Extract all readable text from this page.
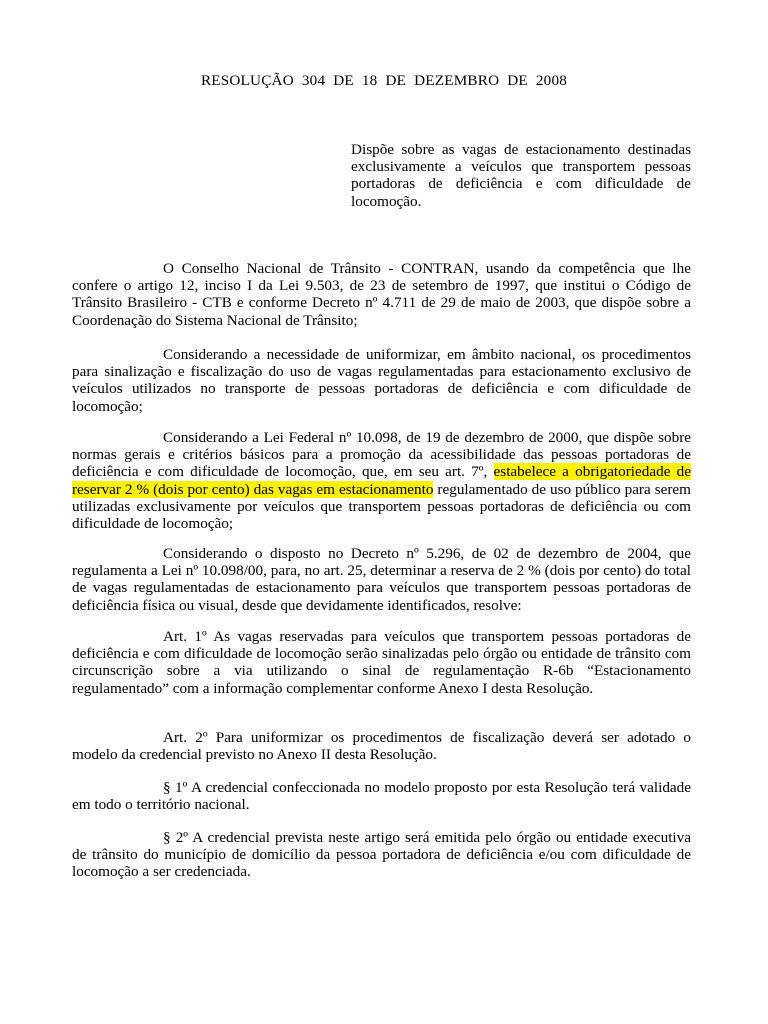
RESOLUÇÃO 304 DE 18 DE DEZEMBRO DE 2008
Dispõe sobre as vagas de estacionamento destinadas exclusivamente a veículos que transportem pessoas portadoras de deficiência e com dificuldade de locomoção.

O Conselho Nacional de Trânsito - CONTRAN, usando da competência que lhe confere o artigo 12, inciso I da Lei 9.503, de 23 de setembro de 1997, que institui o Código de Trânsito Brasileiro - CTB e conforme Decreto nº 4.711 de 29 de maio de 2003, que dispõe sobre a Coordenação do Sistema Nacional de Trânsito;

Considerando a necessidade de uniformizar, em âmbito nacional, os procedimentos para sinalização e fiscalização do uso de vagas regulamentadas para estacionamento exclusivo de veículos utilizados no transporte de pessoas portadoras de deficiência e com dificuldade de locomoção;

Considerando a Lei Federal nº 10.098, de 19 de dezembro de 2000, que dispõe sobre normas gerais e critérios básicos para a promoção da acessibilidade das pessoas portadoras de deficiência e com dificuldade de locomoção, que, em seu art. 7º, estabelece a obrigatoriedade de reservar 2 % (dois por cento) das vagas em estacionamento regulamentado de uso público para serem utilizadas exclusivamente por veículos que transportem pessoas portadoras de deficiência ou com dificuldade de locomoção;

Considerando o disposto no Decreto nº 5.296, de 02 de dezembro de 2004, que regulamenta a Lei nº 10.098/00, para, no art. 25, determinar a reserva de 2 % (dois por cento) do total de vagas regulamentadas de estacionamento para veículos que transportem pessoas portadoras de deficiência física ou visual, desde que devidamente identificados, resolve:

Art. 1º As vagas reservadas para veículos que transportem pessoas portadoras de deficiência e com dificuldade de locomoção serão sinalizadas pelo órgão ou entidade de trânsito com circunscrição sobre a via utilizando o sinal de regulamentação R-6b “Estacionamento regulamentado” com a informação complementar conforme Anexo I desta Resolução.

Art. 2º Para uniformizar os procedimentos de fiscalização deverá ser adotado o modelo da credencial previsto no Anexo II desta Resolução.

§ 1º A credencial confeccionada no modelo proposto por esta Resolução terá validade em todo o território nacional.

§ 2º A credencial prevista neste artigo será emitida pelo órgão ou entidade executiva de trânsito do município de domicílio da pessoa portadora de deficiência e/ou com dificuldade de locomoção a ser credenciada.
